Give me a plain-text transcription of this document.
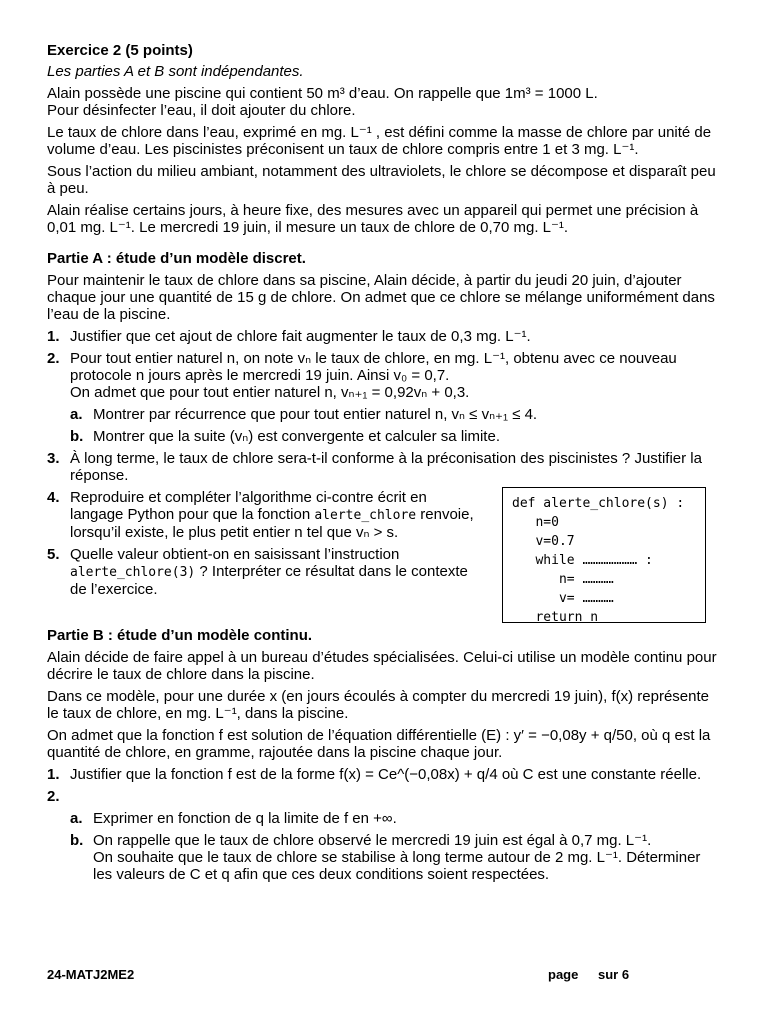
Exercice 2 (5 points)

Les parties A et B sont indépendantes.

Alain possède une piscine qui contient 50 m³ d’eau. On rappelle que 1m³ = 1000 L.
Pour désinfecter l’eau, il doit ajouter du chlore.

Le taux de chlore dans l’eau, exprimé en mg. L⁻¹ , est défini comme la masse de chlore par unité de volume d’eau. Les piscinistes préconisent un taux de chlore compris entre 1 et 3 mg. L⁻¹.

Sous l’action du milieu ambiant, notamment des ultraviolets, le chlore se décompose et disparaît peu à peu.

Alain réalise certains jours, à heure fixe, des mesures avec un appareil qui permet une précision à 0,01 mg. L⁻¹. Le mercredi 19 juin, il mesure un taux de chlore de 0,70 mg. L⁻¹.

Partie A : étude d’un modèle discret.

Pour maintenir le taux de chlore dans sa piscine, Alain décide, à partir du jeudi 20 juin, d’ajouter chaque jour une quantité de 15 g de chlore. On admet que ce chlore se mélange uniformément dans l’eau de la piscine.

1. Justifier que cet ajout de chlore fait augmenter le taux de 0,3 mg. L⁻¹.
2. Pour tout entier naturel n, on note vₙ le taux de chlore, en mg. L⁻¹, obtenu avec ce nouveau protocole n jours après le mercredi 19 juin. Ainsi v₀ = 0,7.
On admet que pour tout entier naturel n, vₙ₊₁ = 0,92vₙ + 0,3.
a. Montrer par récurrence que pour tout entier naturel n, vₙ ≤ vₙ₊₁ ≤ 4.
b. Montrer que la suite (vₙ) est convergente et calculer sa limite.
3. À long terme, le taux de chlore sera-t-il conforme à la préconisation des piscinistes ? Justifier la réponse.
4. Reproduire et compléter l’algorithme ci-contre écrit en langage Python pour que la fonction alerte_chlore renvoie, lorsqu’il existe, le plus petit entier n tel que vₙ > s.
5. Quelle valeur obtient-on en saisissant l’instruction alerte_chlore(3) ? Interpréter ce résultat dans le contexte de l’exercice.
def alerte_chlore(s) :
n=0
v=0.7
while ………………… :
n= …………
v= …………
return n

Partie B : étude d’un modèle continu.

Alain décide de faire appel à un bureau d’études spécialisées. Celui-ci utilise un modèle continu pour décrire le taux de chlore dans la piscine.

Dans ce modèle, pour une durée x (en jours écoulés à compter du mercredi 19 juin), f(x) représente le taux de chlore, en mg. L⁻¹, dans la piscine.

On admet que la fonction f est solution de l’équation différentielle (E) : y′ = −0,08y + q/50, où q est la quantité de chlore, en gramme, rajoutée dans la piscine chaque jour.

1. Justifier que la fonction f est de la forme f(x) = Ce^(−0,08x) + q/4 où C est une constante réelle.
2.

a. Exprimer en fonction de q la limite de f en +∞.
b. On rappelle que le taux de chlore observé le mercredi 19 juin est égal à 0,7 mg. L⁻¹.
On souhaite que le taux de chlore se stabilise à long terme autour de 2 mg. L⁻¹. Déterminer les valeurs de C et q afin que ces deux conditions soient respectées.
24-MATJ2ME2	page sur 6
